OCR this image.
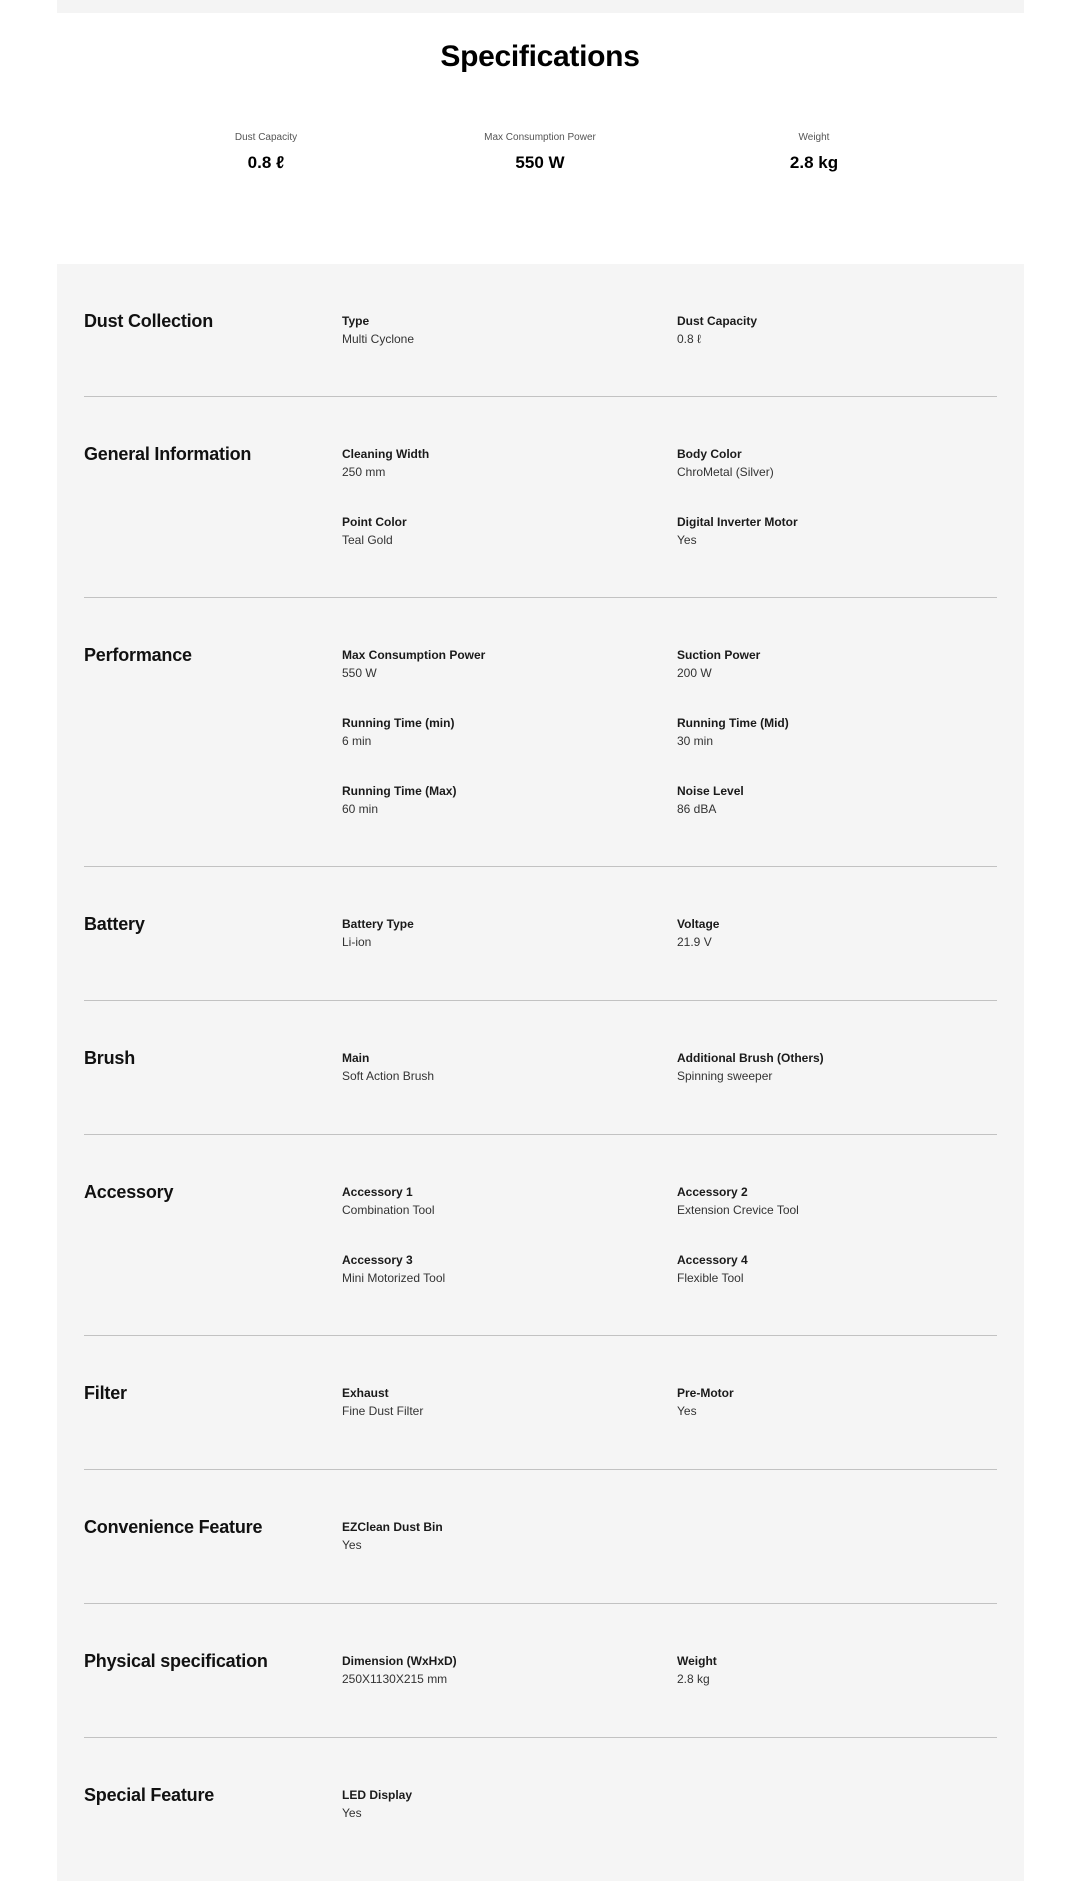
Specifications
Dust Capacity
0.8 ℓ
Max Consumption Power
550 W
Weight
2.8 kg
Dust Collection	Type
Multi Cyclone
Dust Capacity
0.8 ℓ
General Information	Cleaning Width
250 mm
Body Color
ChroMetal (Silver)
Point Color
Teal Gold
Digital Inverter Motor
Yes
Performance	Max Consumption Power
550 W
Suction Power
200 W
Running Time (min)
6 min
Running Time (Mid)
30 min
Running Time (Max)
60 min
Noise Level
86 dBA
Battery	Battery Type
Li-ion
Voltage
21.9 V
Brush	Main
Soft Action Brush
Additional Brush (Others)
Spinning sweeper
Accessory	Accessory 1
Combination Tool
Accessory 2
Extension Crevice Tool
Accessory 3
Mini Motorized Tool
Accessory 4
Flexible Tool
Filter	Exhaust
Fine Dust Filter
Pre-Motor
Yes
Convenience Feature	EZClean Dust Bin
Yes
Physical specification	Dimension (WxHxD)
250X1130X215 mm
Weight
2.8 kg
Special Feature	LED Display
Yes
